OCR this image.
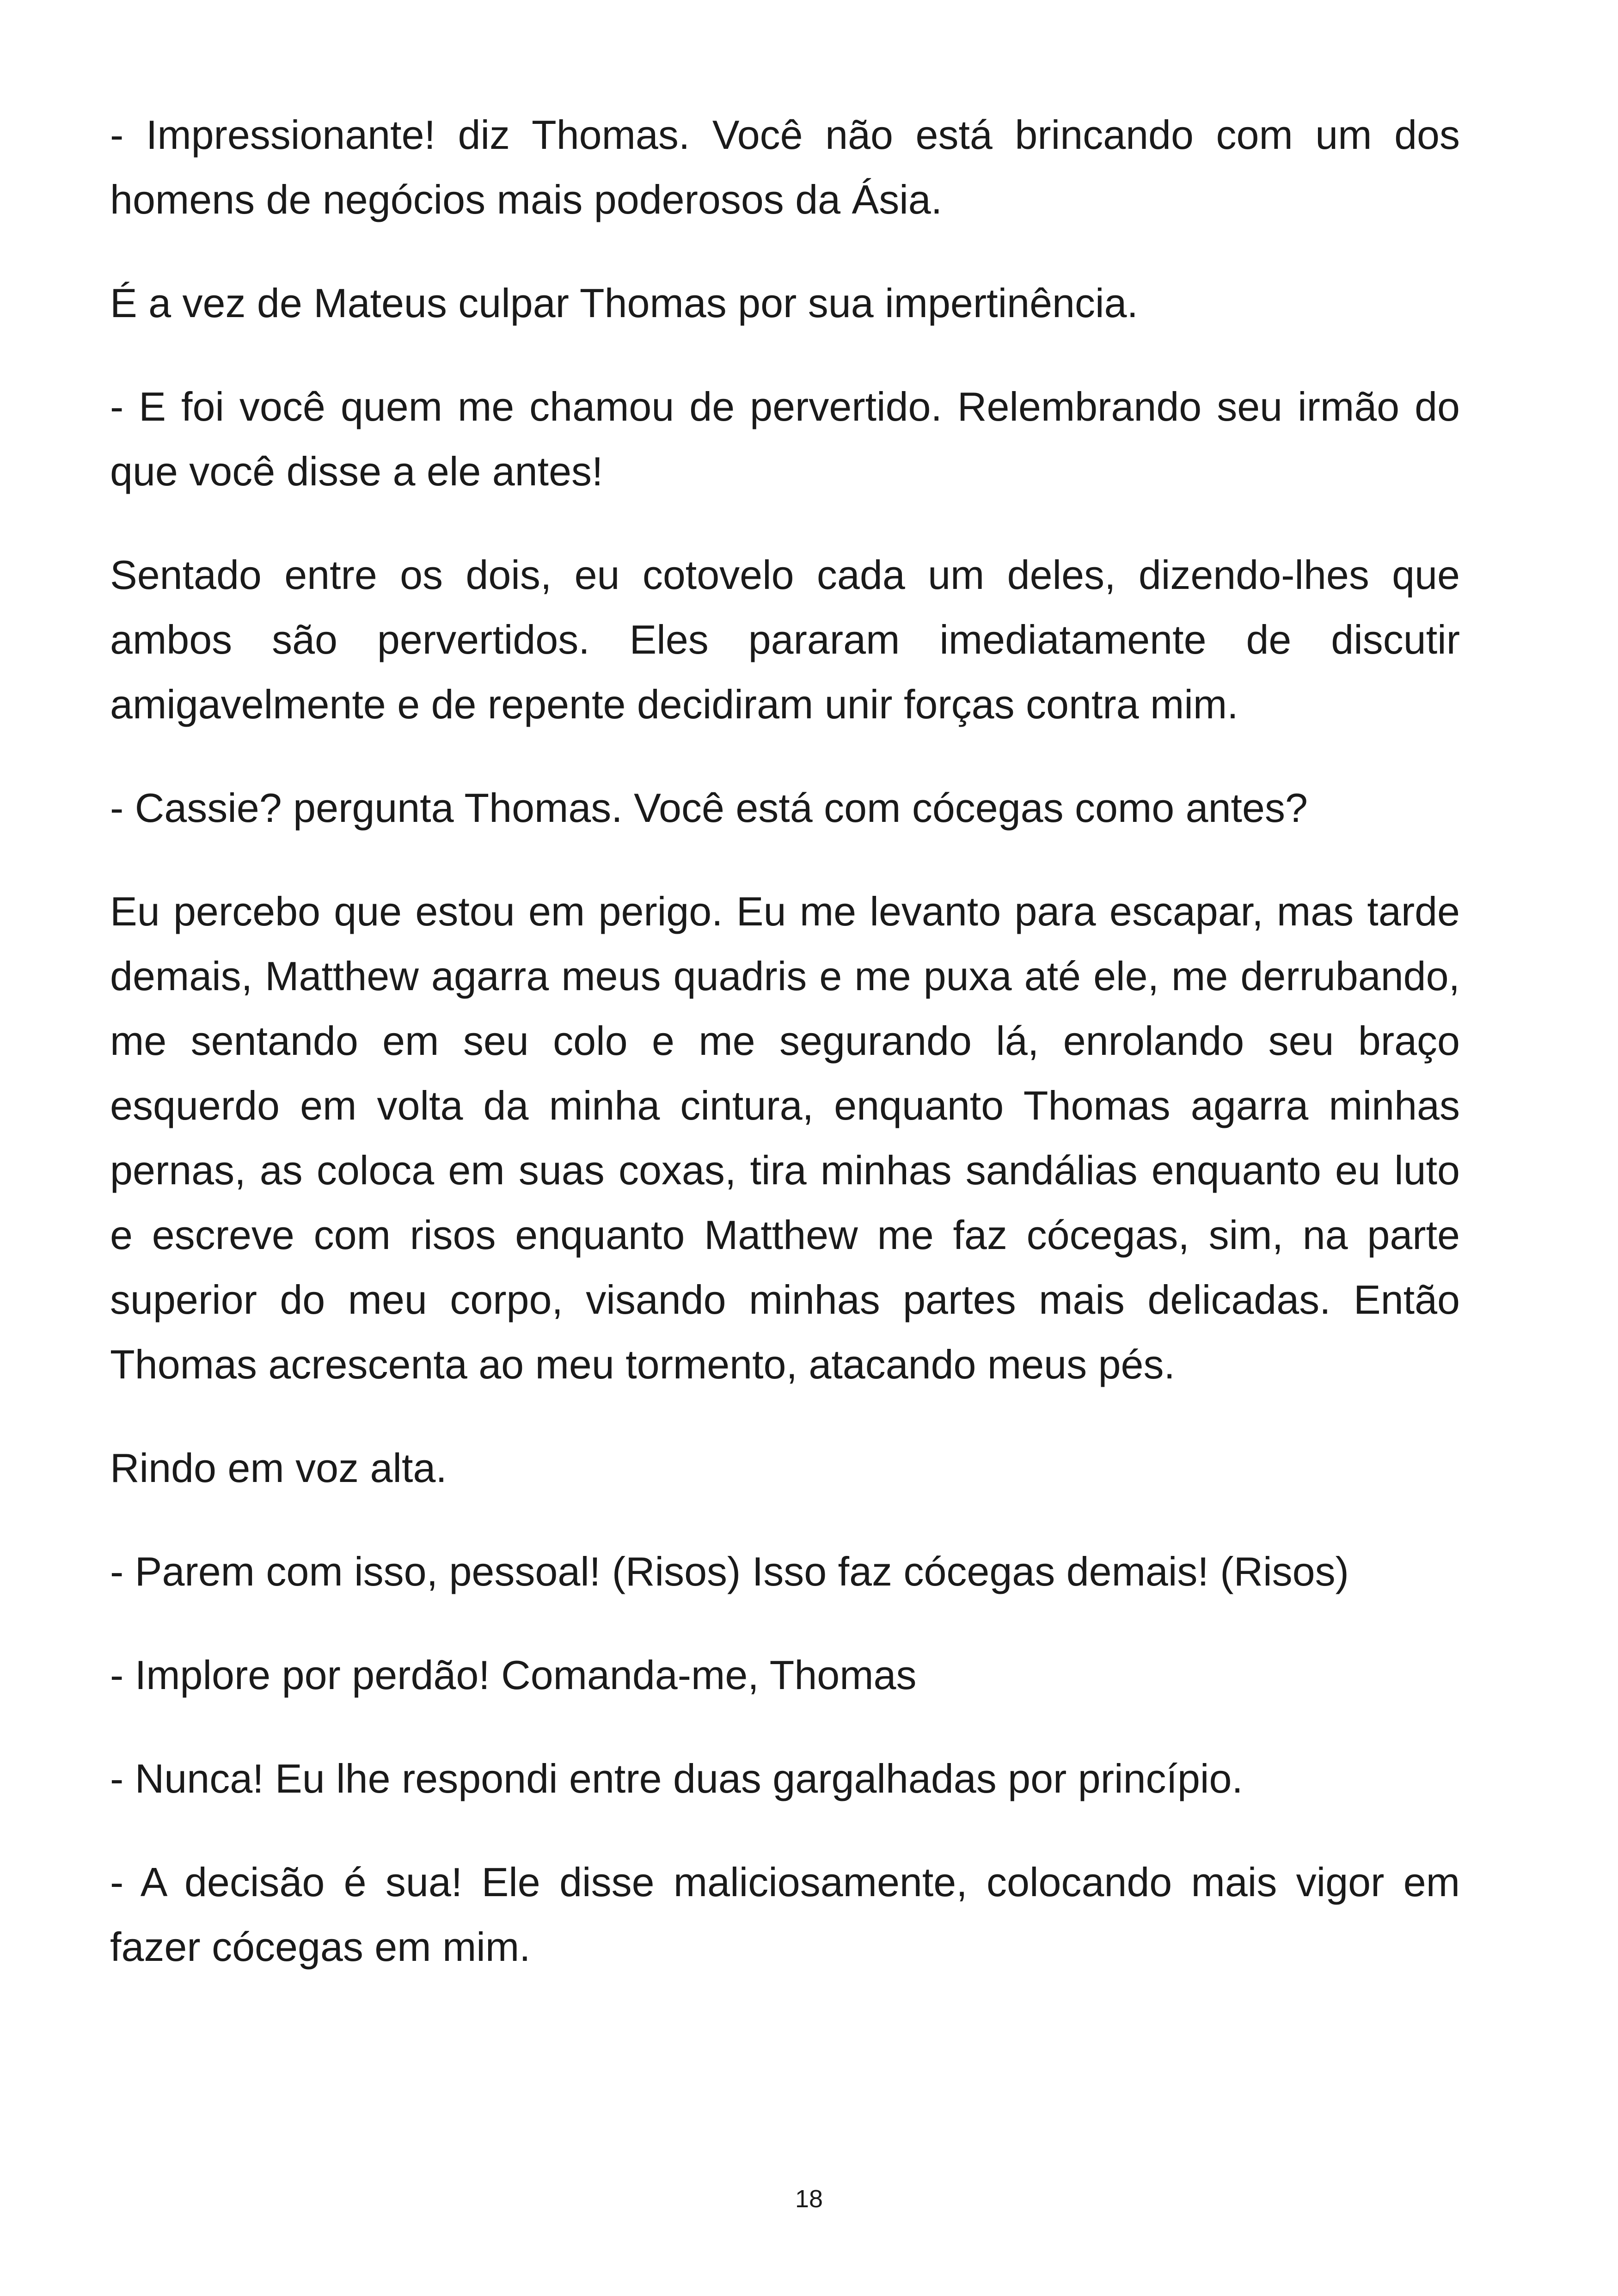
- Impressionante! diz Thomas. Você não está brincando com um dos homens de negócios mais poderosos da Ásia.

É a vez de Mateus culpar Thomas por sua impertinência.

- E foi você quem me chamou de pervertido. Relembrando seu irmão do que você disse a ele antes!

Sentado entre os dois, eu cotovelo cada um deles, dizendo-lhes que ambos são pervertidos. Eles pararam imediatamente de discutir amigavelmente e de repente decidiram unir forças contra mim.

- Cassie? pergunta Thomas. Você está com cócegas como antes?

Eu percebo que estou em perigo. Eu me levanto para escapar, mas tarde demais, Matthew agarra meus quadris e me puxa até ele, me derrubando, me sentando em seu colo e me segurando lá, enrolando seu braço esquerdo em volta da minha cintura, enquanto Thomas agarra minhas pernas, as coloca em suas coxas, tira minhas sandálias enquanto eu luto e escreve com risos enquanto Matthew me faz cócegas, sim, na parte superior do meu corpo, visando minhas partes mais delicadas. Então Thomas acrescenta ao meu tormento, atacando meus pés.

Rindo em voz alta.

- Parem com isso, pessoal! (Risos) Isso faz cócegas demais! (Risos)

- Implore por perdão! Comanda-me, Thomas

- Nunca! Eu lhe respondi entre duas gargalhadas por princípio.

- A decisão é sua! Ele disse maliciosamente, colocando mais vigor em fazer cócegas em mim.

18
